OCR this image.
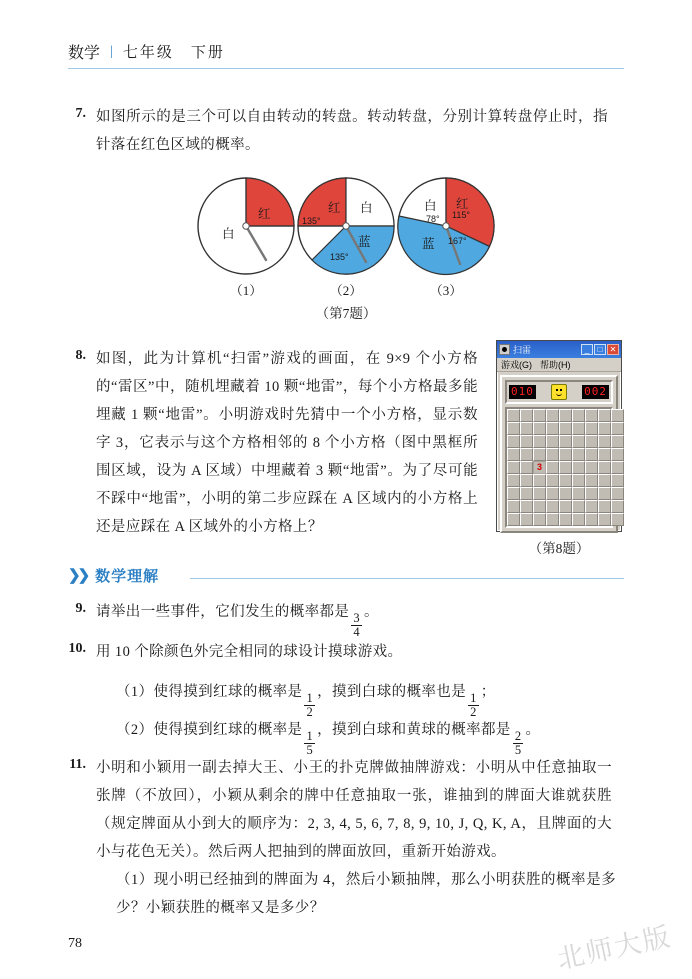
数学 | 七年级　下册
7. 如图所示的是三个可以自由转动的转盘。转动转盘，分别计算转盘停止时，指针落在红色区域的概率。
红
白
（1）
红 白
蓝
135°
135°
（2）
白 红
蓝
78° 115°
167°
（3）
（第7题）
8. 如图，此为计算机“扫雷”游戏的画面，在 9×9 个小方格的“雷区”中，随机埋藏着 10 颗“地雷”，每个小方格最多能埋藏 1 颗“地雷”。小明游戏时先猜中一个小方格，显示数字 3，它表示与这个方格相邻的 8 个小方格（图中黑框所围区域，设为 A 区域）中埋藏着 3 颗“地雷”。为了尽可能不踩中“地雷”，小明的第二步应踩在 A 区域内的小方格上还是应踩在 A 区域外的小方格上？
扫雷	_	□ ✕
游戏(G) 帮助(H)
010	002
3
（第8题）
❯❯ 数学理解
9. 请举出一些事件，它们发生的概率都是 $\frac{3}{4}$ 。
10. 用 10 个除颜色外完全相同的球设计摸球游戏。
（1）使得摸到红球的概率是 $\frac{1}{2}$ ，摸到白球的概率也是 $\frac{1}{2}$ ；
（2）使得摸到红球的概率是 $\frac{1}{5}$ ，摸到白球和黄球的概率都是 $\frac{2}{5}$ 。
11. 小明和小颖用一副去掉大王、小王的扑克牌做抽牌游戏：小明从中任意抽取一张牌（不放回），小颖从剩余的牌中任意抽取一张，谁抽到的牌面大谁就获胜（规定牌面从小到大的顺序为：2, 3, 4, 5, 6, 7, 8, 9, 10, J, Q, K, A，且牌面的大小与花色无关）。然后两人把抽到的牌面放回，重新开始游戏。
（1）现小明已经抽到的牌面为 4，然后小颖抽牌，那么小明获胜的概率是多少？小颖获胜的概率又是多少？
78	北师大版
